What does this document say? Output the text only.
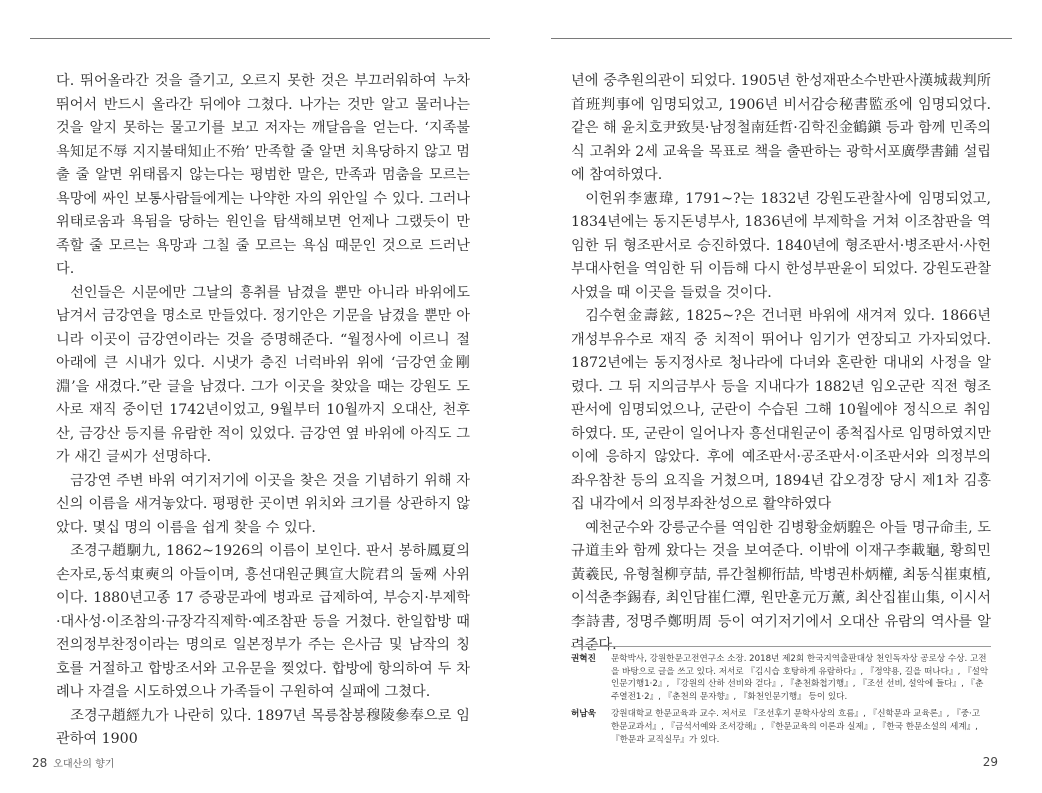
다. 뛰어올라간 것을 즐기고, 오르지 못한 것은 부끄러워하여 누차 뛰어서 반드시 올라간 뒤에야 그쳤다. 나가는 것만 알고 물러나는 것을 알지 못하는 물고기를 보고 저자는 깨달음을 얻는다. ‘지족불욕知足不辱 지지불태知止不殆’ 만족할 줄 알면 치욕당하지 않고 멈출 줄 알면 위태롭지 않는다는 평범한 말은, 만족과 멈춤을 모르는 욕망에 싸인 보통사람들에게는 나약한 자의 위안일 수 있다. 그러나 위태로움과 욕됨을 당하는 원인을 탐색해보면 언제나 그랬듯이 만족할 줄 모르는 욕망과 그칠 줄 모르는 욕심 때문인 것으로 드러난다.

선인들은 시문에만 그날의 흥취를 남겼을 뿐만 아니라 바위에도 남겨서 금강연을 명소로 만들었다. 정기안은 기문을 남겼을 뿐만 아니라 이곳이 금강연이라는 것을 증명해준다. “월정사에 이르니 절 아래에 큰 시내가 있다. 시냇가 층진 너럭바위 위에 ‘금강연金剛淵’을 새겼다.”란 글을 남겼다. 그가 이곳을 찾았을 때는 강원도 도사로 재직 중이던 1742년이었고, 9월부터 10월까지 오대산, 천후산, 금강산 등지를 유람한 적이 있었다. 금강연 옆 바위에 아직도 그가 새긴 글씨가 선명하다.

금강연 주변 바위 여기저기에 이곳을 찾은 것을 기념하기 위해 자신의 이름을 새겨놓았다. 평평한 곳이면 위치와 크기를 상관하지 않았다. 몇십 명의 이름을 쉽게 찾을 수 있다.

조경구趙駉九, 1862~1926의 이름이 보인다. 판서 봉하鳳夏의 손자로,동석東奭의 아들이며, 흥선대원군興宣大院君의 둘째 사위이다. 1880년고종 17 증광문과에 병과로 급제하여, 부승지·부제학·대사성·이조참의·규장각직제학·예조참판 등을 거쳤다. 한일합방 때 전의정부찬정이라는 명의로 일본정부가 주는 은사금 및 남작의 칭호를 거절하고 합방조서와 고유문을 찢었다. 합방에 항의하여 두 차례나 자결을 시도하였으나 가족들이 구원하여 실패에 그쳤다.

조경구趙經九가 나란히 있다. 1897년 목릉참봉穆陵參奉으로 임관하여 1900

년에 중추원의관이 되었다. 1905년 한성재판소수반판사漢城裁判所首班判事에 임명되었고, 1906년 비서감승秘書監丞에 임명되었다. 같은 해 윤치호尹致昊·남정철南廷哲·김학진金鶴鎭 등과 함께 민족의식 고취와 2세 교육을 목표로 책을 출판하는 광학서포廣學書鋪 설립에 참여하였다.

이헌위李憲瑋, 1791~?는 1832년 강원도관찰사에 임명되었고, 1834년에는 동지돈녕부사, 1836년에 부제학을 거쳐 이조참판을 역임한 뒤 형조판서로 승진하였다. 1840년에 형조판서·병조판서·사헌부대사헌을 역임한 뒤 이듬해 다시 한성부판윤이 되었다. 강원도관찰사였을 때 이곳을 들렀을 것이다.

김수현金壽鉉, 1825~?은 건너편 바위에 새겨져 있다. 1866년 개성부유수로 재직 중 치적이 뛰어나 임기가 연장되고 가자되었다. 1872년에는 동지정사로 청나라에 다녀와 혼란한 대내외 사정을 알렸다. 그 뒤 지의금부사 등을 지내다가 1882년 임오군란 직전 형조판서에 임명되었으나, 군란이 수습된 그해 10월에야 정식으로 취임하였다. 또, 군란이 일어나자 흥선대원군이 종척집사로 임명하였지만 이에 응하지 않았다. 후에 예조판서·공조판서·이조판서와 의정부의 좌우참찬 등의 요직을 거쳤으며, 1894년 갑오경장 당시 제1차 김홍집 내각에서 의정부좌찬성으로 활약하였다

예천군수와 강릉군수를 역임한 김병황金炳騜은 아들 명규命圭, 도규道圭와 함께 왔다는 것을 보여준다. 이밖에 이재구李載龜, 황희민黃羲民, 유형철柳亨喆, 류간철柳衎喆, 박병권朴炳權, 최동식崔東植, 이석춘李錫春, 최인담崔仁潭, 원만훈元万薰, 최산집崔山集, 이시서李詩書, 정명주鄭明周 등이 여기저기에서 오대산 유람의 역사를 알려준다.

권혁진	문학박사, 강원한문고전연구소 소장. 2018년 제2회 한국지역출판대상 천인독자상 공로상 수상. 고전을 바탕으로 글을 쓰고 있다. 저서로 『김시습 호탕하게 유람하다』, 『정약용, 길을 떠나다』, 『설악인문기행1·2』, 『강원의 산하 선비와 걷다』, 『춘천화첩기행』, 『조선 선비, 설악에 들다』, 『춘주열전1·2』, 『춘천의 문자향』, 『화천인문기행』 등이 있다.
허남욱	강원대학교 한문교육과 교수. 저서로 『조선후기 문학사상의 흐름』, 『신학문과 교육론』, 『중·고 한문교과서』, 『금석서예와 조서강해』, 『한문교육의 이론과 실제』, 『한국 한문소설의 세계』, 『한문과 교직실무』가 있다.
28 오대산의 향기	29
